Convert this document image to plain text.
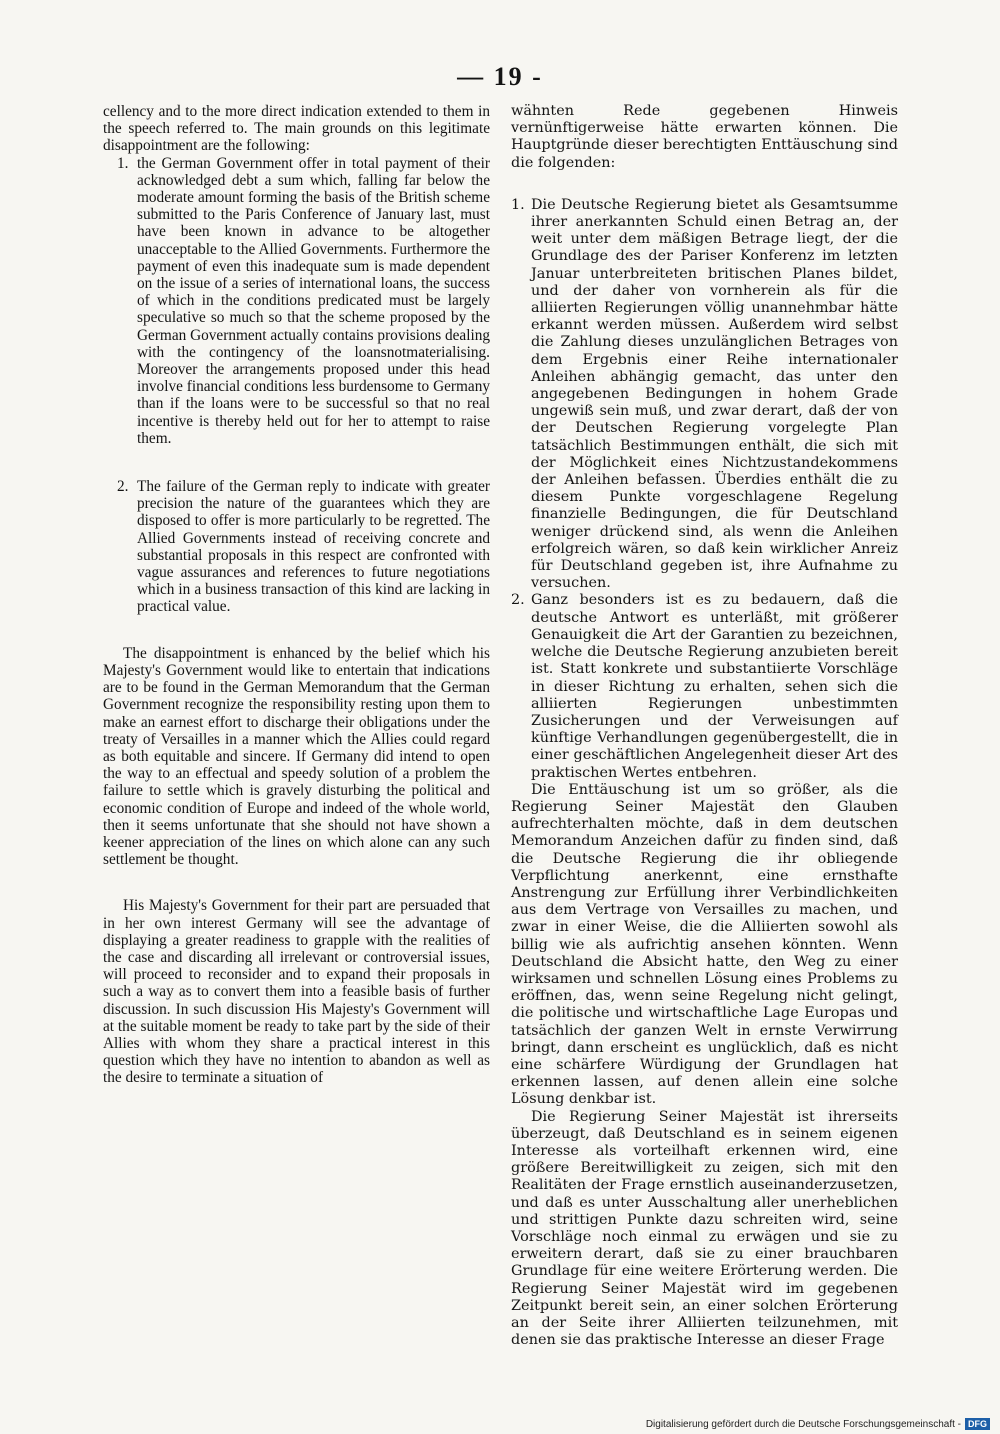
— 19 -

cellency and to the more direct indication extended to them in the speech referred to. The main grounds on this legitimate disappointment are the following:

1. the German Government offer in total payment of their acknowledged debt a sum which, falling far below the moderate amount forming the basis of the British scheme submitted to the Paris Conference of January last, must have been known in advance to be altogether unacceptable to the Allied Governments. Furthermore the payment of even this inadequate sum is made dependent on the issue of a series of international loans, the success of which in the conditions predicated must be largely speculative so much so that the scheme proposed by the German Government actually contains provisions dealing with the contingency of the loansnotmaterialising. Moreover the arrangements proposed under this head involve financial conditions less burdensome to Germany than if the loans were to be successful so that no real incentive is thereby held out for her to attempt to raise them.
2. The failure of the German reply to indicate with greater precision the nature of the guarantees which they are disposed to offer is more particularly to be regretted. The Allied Governments instead of receiving concrete and substantial proposals in this respect are confronted with vague assurances and references to future negotiations which in a business transaction of this kind are lacking in practical value.

The disappointment is enhanced by the belief which his Majesty's Government would like to entertain that indications are to be found in the German Memorandum that the German Government recognize the responsibility resting upon them to make an earnest effort to discharge their obligations under the treaty of Versailles in a manner which the Allies could regard as both equitable and sincere. If Germany did intend to open the way to an effectual and speedy solution of a problem the failure to settle which is gravely disturbing the political and economic condition of Europe and indeed of the whole world, then it seems unfortunate that she should not have shown a keener appreciation of the lines on which alone can any such settlement be thought.

His Majesty's Government for their part are persuaded that in her own interest Germany will see the advantage of displaying a greater readiness to grapple with the realities of the case and discarding all irrelevant or controversial issues, will proceed to reconsider and to expand their proposals in such a way as to convert them into a feasible basis of further discussion. In such discussion His Majesty's Government will at the suitable moment be ready to take part by the side of their Allies with whom they share a practical interest in this question which they have no intention to abandon as well as the desire to terminate a situation of

wähnten Rede gegebenen Hinweis vernünftigerweise hätte erwarten können. Die Hauptgründe dieser berechtigten Enttäuschung sind die folgenden:

1. Die Deutsche Regierung bietet als Gesamtsumme ihrer anerkannten Schuld einen Betrag an, der weit unter dem mäßigen Betrage liegt, der die Grundlage des der Pariser Konferenz im letzten Januar unterbreiteten britischen Planes bildet, und der daher von vornherein als für die alliierten Regierungen völlig unannehmbar hätte erkannt werden müssen. Außerdem wird selbst die Zahlung dieses unzulänglichen Betrages von dem Ergebnis einer Reihe internationaler Anleihen abhängig gemacht, das unter den angegebenen Bedingungen in hohem Grade ungewiß sein muß, und zwar derart, daß der von der Deutschen Regierung vorgelegte Plan tatsächlich Bestimmungen enthält, die sich mit der Möglichkeit eines Nichtzustandekommens der Anleihen befassen. Überdies enthält die zu diesem Punkte vorgeschlagene Regelung finanzielle Bedingungen, die für Deutschland weniger drückend sind, als wenn die Anleihen erfolgreich wären, so daß kein wirklicher Anreiz für Deutschland gegeben ist, ihre Aufnahme zu versuchen.
2. Ganz besonders ist es zu bedauern, daß die deutsche Antwort es unterläßt, mit größerer Genauigkeit die Art der Garantien zu bezeichnen, welche die Deutsche Regierung anzubieten bereit ist. Statt konkrete und substantiierte Vorschläge in dieser Richtung zu erhalten, sehen sich die alliierten Regierungen unbestimmten Zusicherungen und der Verweisungen auf künftige Verhandlungen gegenübergestellt, die in einer geschäftlichen Angelegenheit dieser Art des praktischen Wertes entbehren.

Die Enttäuschung ist um so größer, als die Regierung Seiner Majestät den Glauben aufrechterhalten möchte, daß in dem deutschen Memorandum Anzeichen dafür zu finden sind, daß die Deutsche Regierung die ihr obliegende Verpflichtung anerkennt, eine ernsthafte Anstrengung zur Erfüllung ihrer Verbindlichkeiten aus dem Vertrage von Versailles zu machen, und zwar in einer Weise, die die Alliierten sowohl als billig wie als aufrichtig ansehen könnten. Wenn Deutschland die Absicht hatte, den Weg zu einer wirksamen und schnellen Lösung eines Problems zu eröffnen, das, wenn seine Regelung nicht gelingt, die politische und wirtschaftliche Lage Europas und tatsächlich der ganzen Welt in ernste Verwirrung bringt, dann erscheint es unglücklich, daß es nicht eine schärfere Würdigung der Grundlagen hat erkennen lassen, auf denen allein eine solche Lösung denkbar ist.

Die Regierung Seiner Majestät ist ihrerseits überzeugt, daß Deutschland es in seinem eigenen Interesse als vorteilhaft erkennen wird, eine größere Bereitwilligkeit zu zeigen, sich mit den Realitäten der Frage ernstlich auseinanderzusetzen, und daß es unter Ausschaltung aller unerheblichen und strittigen Punkte dazu schreiten wird, seine Vorschläge noch einmal zu erwägen und sie zu erweitern derart, daß sie zu einer brauchbaren Grundlage für eine weitere Erörterung werden. Die Regierung Seiner Majestät wird im gegebenen Zeitpunkt bereit sein, an einer solchen Erörterung an der Seite ihrer Alliierten teilzunehmen, mit denen sie das praktische Interesse an dieser Frage

Digitalisierung gefördert durch die Deutsche Forschungsgemeinschaft - DFG
